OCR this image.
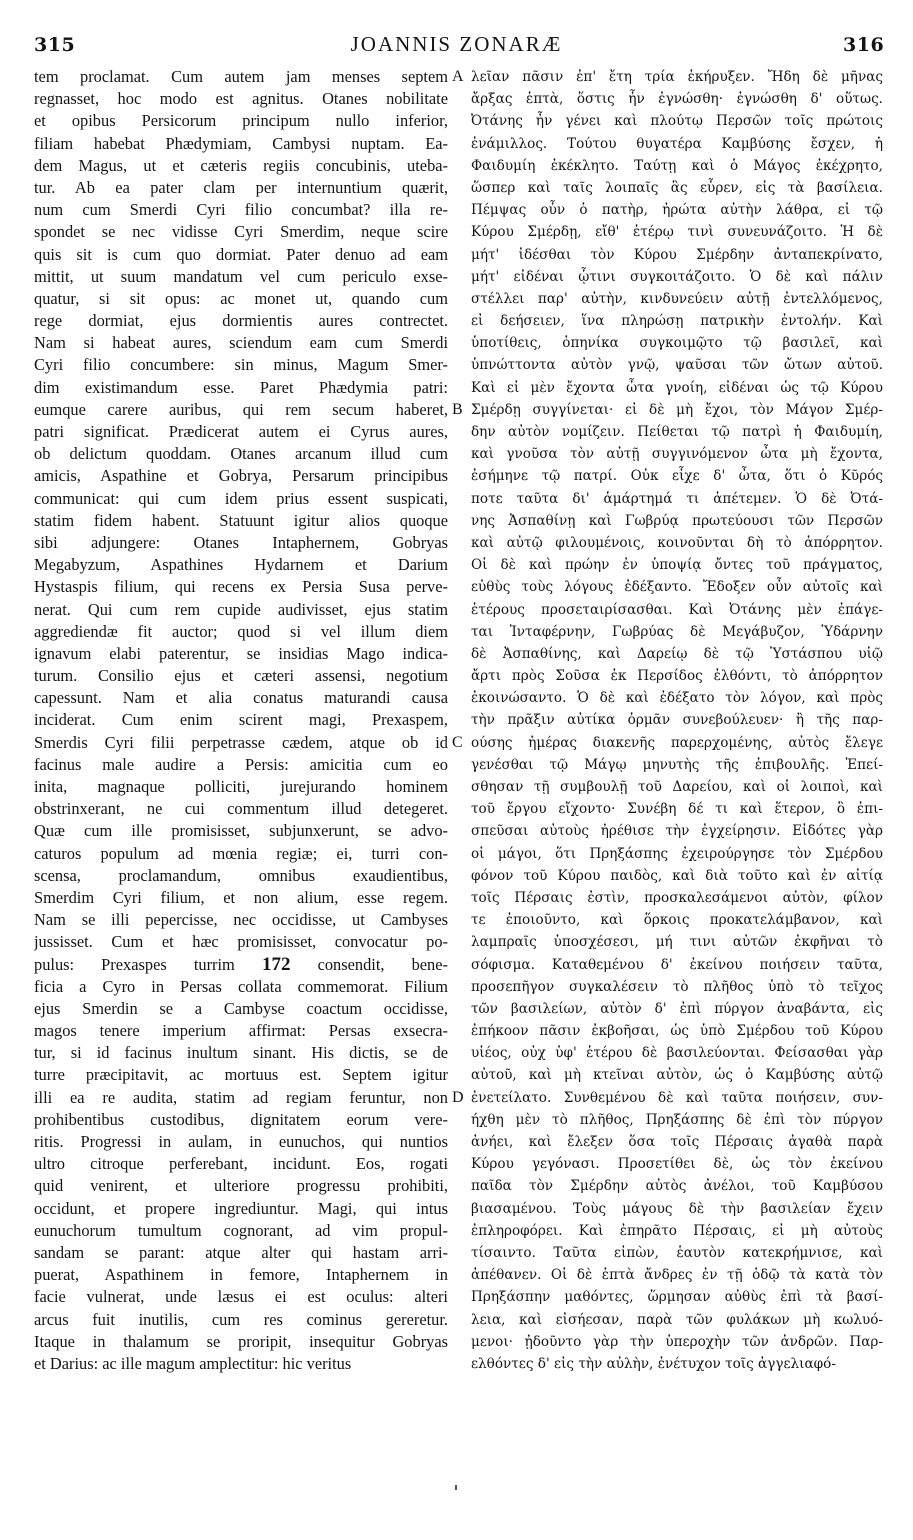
315	JOANNIS ZONARÆ	316
tem proclamat. Cum autem jam menses septem
regnasset, hoc modo est agnitus. Otanes nobilitate
et opibus Persicorum principum nullo inferior,
filiam habebat Phædymiam, Cambysi nuptam. Ea-
dem Magus, ut et cæteris regiis concubinis, uteba-
tur. Ab ea pater clam per internuntium quærit,
num cum Smerdi Cyri filio concumbat? illa re-
spondet se nec vidisse Cyri Smerdim, neque scire
quis sit is cum quo dormiat. Pater denuo ad eam
mittit, ut suum mandatum vel cum periculo exse-
quatur, si sit opus: ac monet ut, quando cum
rege dormiat, ejus dormientis aures contrectet.
Nam si habeat aures, sciendum eam cum Smerdi
Cyri filio concumbere: sin minus, Magum Smer-
dim existimandum esse. Paret Phædymia patri:
eumque carere auribus, qui rem secum haberet,
patri significat. Prædicerat autem ei Cyrus aures,
ob delictum quoddam. Otanes arcanum illud cum
amicis, Aspathine et Gobrya, Persarum principibus
communicat: qui cum idem prius essent suspicati,
statim fidem habent. Statuunt igitur alios quoque
sibi adjungere: Otanes Intaphernem, Gobryas
Megabyzum, Aspathines Hydarnem et Darium
Hystaspis filium, qui recens ex Persia Susa perve-
nerat. Qui cum rem cupide audivisset, ejus statim
aggrediendæ fit auctor; quod si vel illum diem
ignavum elabi paterentur, se insidias Mago indica-
turum. Consilio ejus et cæteri assensi, negotium
capessunt. Nam et alia conatus maturandi causa
inciderat. Cum enim scirent magi, Prexaspem,
Smerdis Cyri filii perpetrasse cædem, atque ob id
facinus male audire a Persis: amicitia cum eo
inita, magnaque polliciti, jurejurando hominem
obstrinxerant, ne cui commentum illud detegeret.
Quæ cum ille promisisset, subjunxerunt, se advo-
caturos populum ad mœnia regiæ; ei, turri con-
scensa, proclamandum, omnibus exaudientibus,
Smerdim Cyri filium, et non alium, esse regem.
Nam se illi pepercisse, nec occidisse, ut Cambyses
jussisset. Cum et hæc promisisset, convocatur po-
pulus: Prexaspes turrim 172 consendit, bene-
ficia a Cyro in Persas collata commemorat. Filium
ejus Smerdin se a Cambyse coactum occidisse,
magos tenere imperium affirmat: Persas exsecra-
tur, si id facinus inultum sinant. His dictis, se de
turre præcipitavit, ac mortuus est. Septem igitur
illi ea re audita, statim ad regiam feruntur, non
prohibentibus custodibus, dignitatem eorum vere-
ritis. Progressi in aulam, in eunuchos, qui nuntios
ultro citroque perferebant, incidunt. Eos, rogati
quid venirent, et ulteriore progressu prohibiti,
occidunt, et propere ingrediuntur. Magi, qui intus
eunuchorum tumultum cognorant, ad vim propul-
sandam se parant: atque alter qui hastam arri-
puerat, Aspathinem in femore, Intaphernem in
facie vulnerat, unde læsus ei est oculus: alteri
arcus fuit inutilis, cum res cominus gereretur.
Itaque in thalamum se proripit, insequitur Gobryas
et Darius: ac ille magum amplectitur: hic veritus
λεῖαν πᾶσιν ἐπ' ἔτη τρία ἐκήρυξεν. Ἤδη δὲ μῆνας
ἄρξας ἑπτὰ, ὅστις ἦν ἐγνώσθη· ἐγνώσθη δ' οὕτως.
Ὀτάνης ἦν γένει καὶ πλούτῳ Περσῶν τοῖς πρώτοις
ἐνάμιλλος. Τούτου θυγατέρα Καμβύσης ἔσχεν, ἡ
Φαιδυμίη ἐκέκλητο. Ταύτῃ καὶ ὁ Μάγος ἐκέχρητο,
ὥσπερ καὶ ταῖς λοιπαῖς ἃς εὗρεν, εἰς τὰ βασίλεια.
Πέμψας οὖν ὁ πατὴρ, ἠρώτα αὐτὴν λάθρα, εἰ τῷ
Κύρου Σμέρδῃ, εἴθ' ἑτέρῳ τινὶ συνευνάζοιτο. Ἡ δὲ
μήτ' ἰδέσθαι τὸν Κύρου Σμέρδην ἀνταπεκρίνατο,
μήτ' εἰδέναι ᾧτινι συγκοιτάζοιτο. Ὁ δὲ καὶ πάλιν
στέλλει παρ' αὐτὴν, κινδυνεύειν αὐτῇ ἐντελλόμενος,
εἰ δεήσειεν, ἵνα πληρώσῃ πατρικὴν ἐντολήν. Καὶ
ὑποτίθεις, ὁπηνίκα συγκοιμῷτο τῷ βασιλεῖ, καὶ
ὑπνώττοντα αὐτὸν γνῷ, ψαῦσαι τῶν ὤτων αὐτοῦ.
Καὶ εἰ μὲν ἔχοντα ὦτα γνοίη, εἰδέναι ὡς τῷ Κύρου
Σμέρδῃ συγγίνεται· εἰ δὲ μὴ ἔχοι, τὸν Μάγον Σμέρ-
δην αὐτὸν νομίζειν. Πείθεται τῷ πατρὶ ἡ Φαιδυμίη,
καὶ γνοῦσα τὸν αὐτῇ συγγινόμενον ὦτα μὴ ἔχοντα,
ἐσήμηνε τῷ πατρί. Οὐκ εἶχε δ' ὦτα, ὅτι ὁ Κῦρός
ποτε ταῦτα δι' ἁμάρτημά τι ἀπέτεμεν. Ὁ δὲ Ὀτά-
νης Ἀσπαθίνῃ καὶ Γωβρύᾳ πρωτεύουσι τῶν Περσῶν
καὶ αὐτῷ φιλουμένοις, κοινοῦνται δὴ τὸ ἀπόρρητον.
Οἱ δὲ καὶ πρώην ἐν ὑποψίᾳ ὄντες τοῦ πράγματος,
εὐθὺς τοὺς λόγους ἐδέξαντο. Ἔδοξεν οὖν αὐτοῖς καὶ
ἑτέρους προσεταιρίσασθαι. Καὶ Ὀτάνης μὲν ἐπάγε-
ται Ἰνταφέρνην, Γωβρύας δὲ Μεγάβυζον, Ὑδάρνην
δὲ Ἀσπαθίνης, καὶ Δαρείῳ δὲ τῷ Ὑστάσπου υἱῷ
ἄρτι πρὸς Σοῦσα ἐκ Περσίδος ἐλθόντι, τὸ ἀπόρρητον
ἐκοινώσαντο. Ὁ δὲ καὶ ἐδέξατο τὸν λόγον, καὶ πρὸς
τὴν πρᾶξιν αὐτίκα ὁρμᾶν συνεβούλευεν· ἢ τῆς παρ-
ούσης ἡμέρας διακενῆς παρερχομένης, αὐτὸς ἔλεγε
γενέσθαι τῷ Μάγῳ μηνυτὴς τῆς ἐπιβουλῆς. Ἐπεί-
σθησαν τῇ συμβουλῇ τοῦ Δαρείου, καὶ οἱ λοιποὶ, καὶ
τοῦ ἔργου εἴχοντο· Συνέβη δέ τι καὶ ἕτερον, ὃ ἐπι-
σπεῦσαι αὐτοὺς ἠρέθισε τὴν ἐγχείρησιν. Εἰδότες γὰρ
οἱ μάγοι, ὅτι Πρηξάσπης ἐχειρούργησε τὸν Σμέρδου
φόνον τοῦ Κύρου παιδὸς, καὶ διὰ τοῦτο καὶ ἐν αἰτίᾳ
τοῖς Πέρσαις ἐστὶν, προσκαλεσάμενοι αὐτὸν, φίλον
τε ἐποιοῦντο, καὶ ὅρκοις προκατελάμβανον, καὶ
λαμπραῖς ὑποσχέσεσι, μή τινι αὐτῶν ἐκφῆναι τὸ
σόφισμα. Καταθεμένου δ' ἐκείνου ποιήσειν ταῦτα,
προσεπῆγον συγκαλέσειν τὸ πλῆθος ὑπὸ τὸ τεῖχος
τῶν βασιλείων, αὐτὸν δ' ἐπὶ πύργον ἀναβάντα, εἰς
ἐπήκοον πᾶσιν ἐκβοῆσαι, ὡς ὑπὸ Σμέρδου τοῦ Κύρου
υἱέος, οὐχ ὑφ' ἑτέρου δὲ βασιλεύονται. Φείσασθαι γὰρ
αὐτοῦ, καὶ μὴ κτεῖναι αὐτὸν, ὡς ὁ Καμβύσης αὐτῷ
ἐνετείλατο. Συνθεμένου δὲ καὶ ταῦτα ποιήσειν, συν-
ήχθη μὲν τὸ πλῆθος, Πρηξάσπης δὲ ἐπὶ τὸν πύργον
ἀνήει, καὶ ἔλεξεν ὅσα τοῖς Πέρσαις ἀγαθὰ παρὰ
Κύρου γεγόνασι. Προσετίθει δὲ, ὡς τὸν ἐκείνου
παῖδα τὸν Σμέρδην αὐτὸς ἀνέλοι, τοῦ Καμβύσου
βιασαμένου. Τοὺς μάγους δὲ τὴν βασιλείαν ἔχειν
ἐπληροφόρει. Καὶ ἐπηρᾶτο Πέρσαις, εἰ μὴ αὐτοὺς
τίσαιντο. Ταῦτα εἰπὼν, ἑαυτὸν κατεκρήμνισε, καὶ
ἀπέθανεν. Οἱ δὲ ἑπτὰ ἄνδρες ἐν τῇ ὁδῷ τὰ κατὰ τὸν
Πρηξάσπην μαθόντες, ὥρμησαν αὐθὺς ἐπὶ τὰ βασί-
λεια, καὶ εἰσήεσαν, παρὰ τῶν φυλάκων μὴ κωλυό-
μενοι· ᾐδοῦντο γὰρ τὴν ὑπεροχὴν τῶν ἀνδρῶν. Παρ-
ελθόντες δ' εἰς τὴν αὐλὴν, ἐνέτυχον τοῖς ἀγγελιαφό-
A
B
C
D
